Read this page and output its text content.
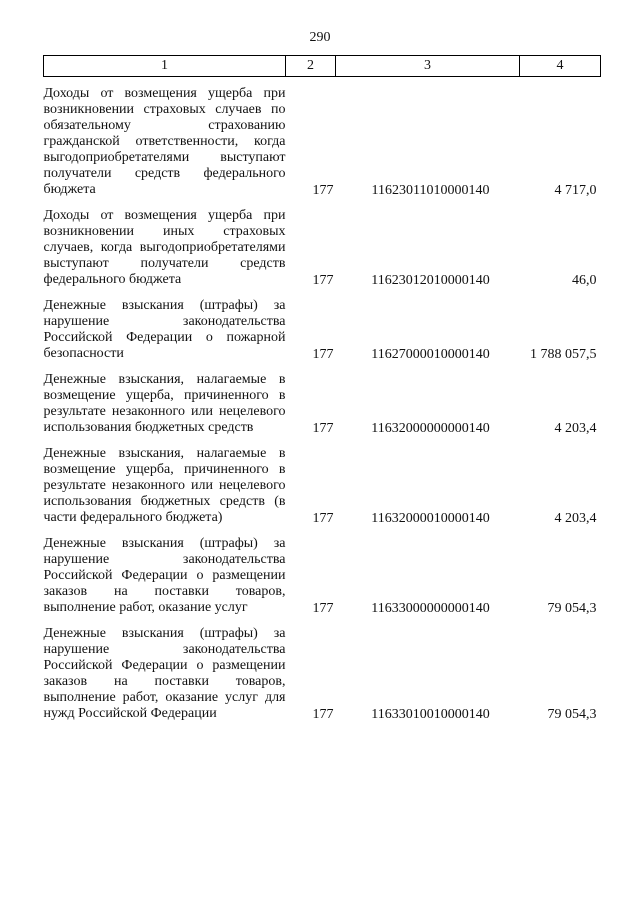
290
1	2	3	4
Доходы от возмещения ущерба при возникновении страховых случаев по обязательному страхованию гражданской ответственности, когда выгодоприобретателями выступают получатели средств федерального бюджета	177	11623011010000140	4 717,0
Доходы от возмещения ущерба при возникновении иных страховых случаев, когда выгодоприобретателями выступают получатели средств федерального бюджета	177	11623012010000140	46,0
Денежные взыскания (штрафы) за нарушение законодательства Российской Федерации о пожарной безопасности	177	11627000010000140	1 788 057,5
Денежные взыскания, налагаемые в возмещение ущерба, причиненного в результате незаконного или нецелевого использования бюджетных средств	177	11632000000000140	4 203,4
Денежные взыскания, налагаемые в возмещение ущерба, причиненного в результате незаконного или нецелевого использования бюджетных средств (в части федерального бюджета)	177	11632000010000140	4 203,4
Денежные взыскания (штрафы) за нарушение законодательства Российской Федерации о размещении заказов на поставки товаров, выполнение работ, оказание услуг	177	11633000000000140	79 054,3
Денежные взыскания (штрафы) за нарушение законодательства Российской Федерации о размещении заказов на поставки товаров, выполнение работ, оказание услуг для нужд Российской Федерации	177	11633010010000140	79 054,3
